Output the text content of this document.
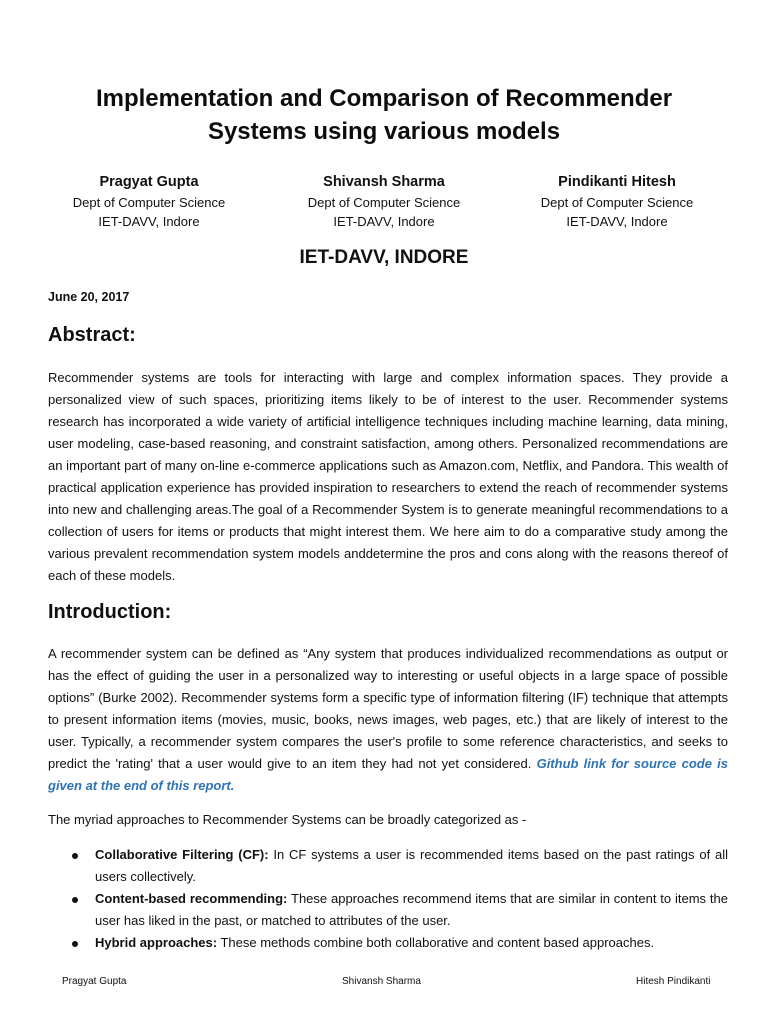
Implementation and Comparison of Recommender Systems using various models
Pragyat Gupta
Dept of Computer Science
IET-DAVV, Indore
Shivansh Sharma
Dept of Computer Science
IET-DAVV, Indore
Pindikanti Hitesh
Dept of Computer Science
IET-DAVV, Indore
IET-DAVV, INDORE
June 20, 2017
Abstract:

Recommender systems are tools for interacting with large and complex information spaces. They provide a personalized view of such spaces, prioritizing items likely to be of interest to the user. Recommender systems research has incorporated a wide variety of artificial intelligence techniques including machine learning, data mining, user modeling, case-based reasoning, and constraint satisfaction, among others. Personalized recommendations are an important part of many on-line e-commerce applications such as Amazon.com, Netflix, and Pandora. This wealth of practical application experience has provided inspiration to researchers to extend the reach of recommender systems into new and challenging areas.The goal of a Recommender System is to generate meaningful recommendations to a collection of users for items or products that might interest them. We here aim to do a comparative study among the various prevalent recommendation system models anddetermine the pros and cons along with the reasons thereof of each of these models.

Introduction:

A recommender system can be defined as “Any system that produces individualized recommendations as output or has the effect of guiding the user in a personalized way to interesting or useful objects in a large space of possible options” (Burke 2002). Recommender systems form a specific type of information filtering (IF) technique that attempts to present information items (movies, music, books, news images, web pages, etc.) that are likely of interest to the user. Typically, a recommender system compares the user's profile to some reference characteristics, and seeks to predict the 'rating' that a user would give to an item they had not yet considered. Github link for source code is given at the end of this report.

The myriad approaches to Recommender Systems can be broadly categorized as -

Collaborative Filtering (CF): In CF systems a user is recommended items based on the past ratings of all users collectively.
Content-based recommending: These approaches recommend items that are similar in content to items the user has liked in the past, or matched to attributes of the user.
Hybrid approaches: These methods combine both collaborative and content based approaches.
Pragyat Gupta	Shivansh Sharma	Hitesh Pindikanti
